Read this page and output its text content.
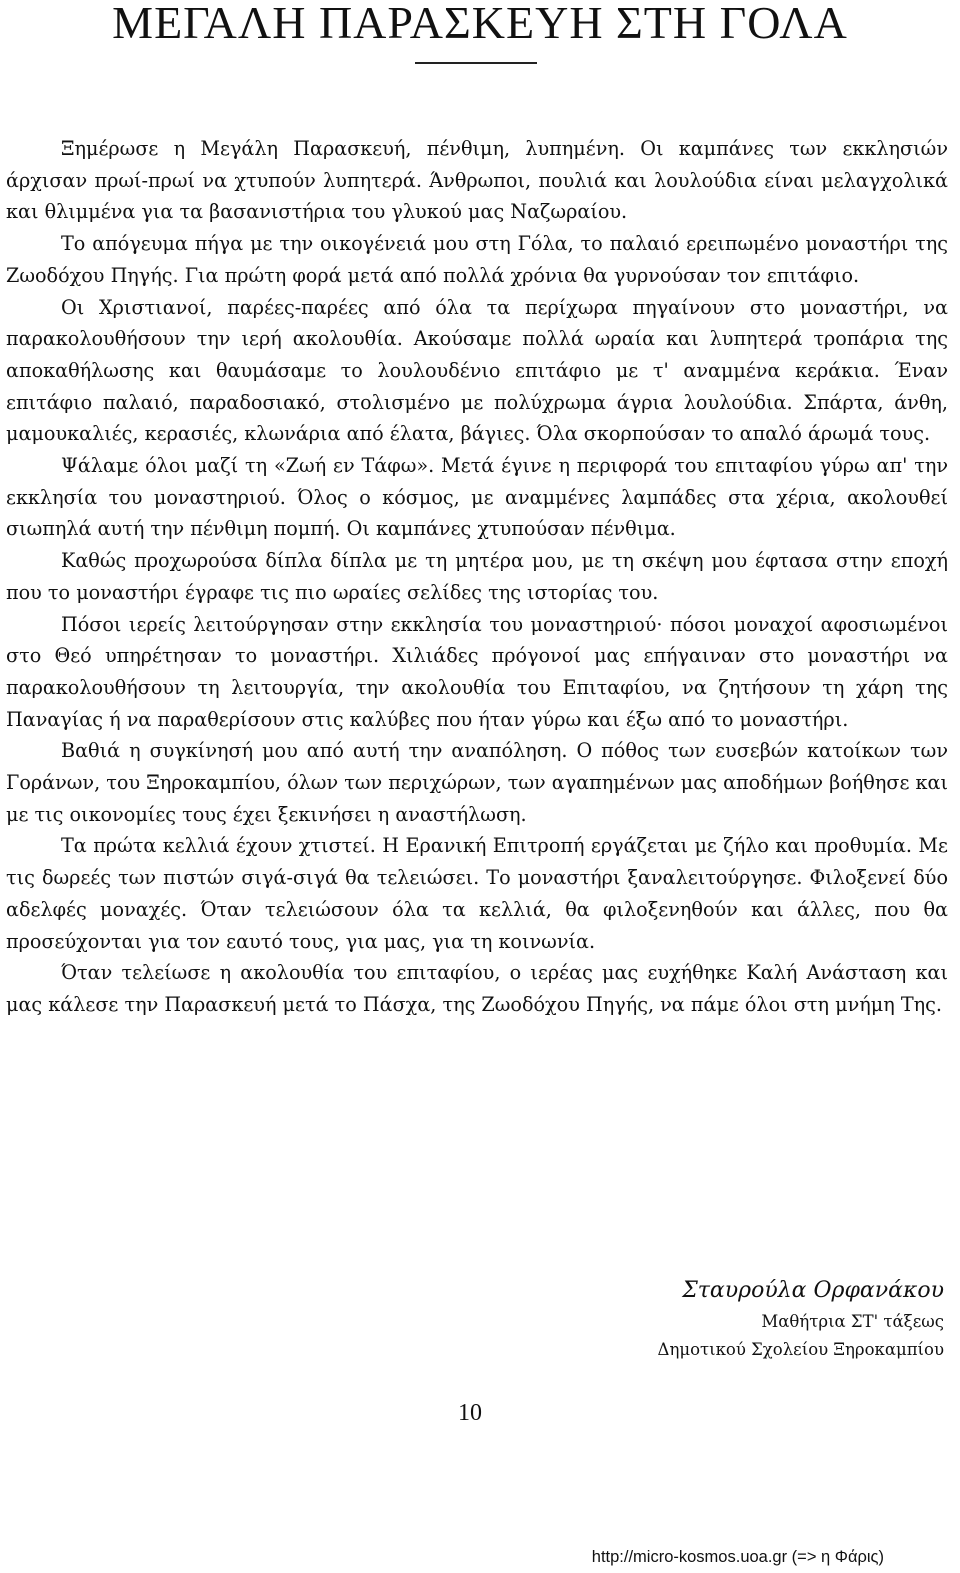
ΜΕΓΑΛΗ ΠΑΡΑΣΚΕΥΗ ΣΤΗ ΓΟΛΑ

Ξημέρωσε η Μεγάλη Παρασκευή, πένθιμη, λυπημένη. Οι καμπάνες των εκκλησιών άρχισαν πρωί-πρωί να χτυπούν λυπητερά. Άνθρωποι, πουλιά και λουλούδια είναι μελαγχολικά και θλιμμένα για τα βασανιστήρια του γλυκού μας Ναζωραίου.

Το απόγευμα πήγα με την οικογένειά μου στη Γόλα, το παλαιό ερειπωμένο μοναστήρι της Ζωοδόχου Πηγής. Για πρώτη φορά μετά από πολλά χρόνια θα γυρνούσαν τον επιτάφιο.

Οι Χριστιανοί, παρέες-παρέες από όλα τα περίχωρα πηγαίνουν στο μοναστήρι, να παρακολουθήσουν την ιερή ακολουθία. Ακούσαμε πολλά ωραία και λυπητερά τροπάρια της αποκαθήλωσης και θαυμάσαμε το λουλουδένιο επιτάφιο με τ' αναμμένα κεράκια. Έναν επιτάφιο παλαιό, παραδοσιακό, στολισμένο με πολύχρωμα άγρια λουλούδια. Σπάρτα, άνθη, μαμουκαλιές, κερασιές, κλωνάρια από έλατα, βάγιες. Όλα σκορπούσαν το απαλό άρωμά τους.

Ψάλαμε όλοι μαζί τη «Ζωή εν Τάφω». Μετά έγινε η περιφορά του επιταφίου γύρω απ' την εκκλησία του μοναστηριού. Όλος ο κόσμος, με αναμμένες λαμπάδες στα χέρια, ακολουθεί σιωπηλά αυτή την πένθιμη πομπή. Οι καμπάνες χτυπούσαν πένθιμα.

Καθώς προχωρούσα δίπλα δίπλα με τη μητέρα μου, με τη σκέψη μου έφτασα στην εποχή που το μοναστήρι έγραφε τις πιο ωραίες σελίδες της ιστορίας του.

Πόσοι ιερείς λειτούργησαν στην εκκλησία του μοναστηριού· πόσοι μοναχοί αφοσιωμένοι στο Θεό υπηρέτησαν το μοναστήρι. Χιλιάδες πρόγονοί μας επήγαιναν στο μοναστήρι να παρακολουθήσουν τη λειτουργία, την ακολουθία του Επιταφίου, να ζητήσουν τη χάρη της Παναγίας ή να παραθερίσουν στις καλύβες που ήταν γύρω και έξω από το μοναστήρι.

Βαθιά η συγκίνησή μου από αυτή την αναπόληση. Ο πόθος των ευσεβών κατοίκων των Γοράνων, του Ξηροκαμπίου, όλων των περιχώρων, των αγαπημένων μας αποδήμων βοήθησε και με τις οικονομίες τους έχει ξεκινήσει η αναστήλωση.

Τα πρώτα κελλιά έχουν χτιστεί. Η Ερανική Επιτροπή εργάζεται με ζήλο και προθυμία. Με τις δωρεές των πιστών σιγά-σιγά θα τελειώσει. Το μοναστήρι ξαναλειτούργησε. Φιλοξενεί δύο αδελφές μοναχές. Όταν τελειώσουν όλα τα κελλιά, θα φιλοξενηθούν και άλλες, που θα προσεύχονται για τον εαυτό τους, για μας, για τη κοινωνία.

Όταν τελείωσε η ακολουθία του επιταφίου, ο ιερέας μας ευχήθηκε Καλή Ανάσταση και μας κάλεσε την Παρασκευή μετά το Πάσχα, της Ζωοδόχου Πηγής, να πάμε όλοι στη μνήμη Της.

Σταυρούλα Ορφανάκου
Μαθήτρια ΣΤ' τάξεως
Δημοτικού Σχολείου Ξηροκαμπίου
10
http://micro-kosmos.uoa.gr (=> η Φάρις)
